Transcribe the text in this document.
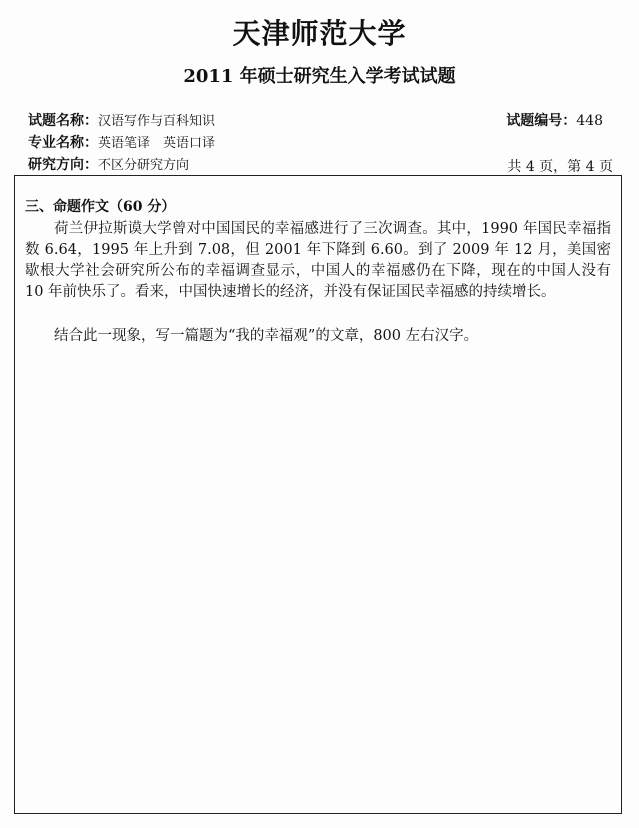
天津师范大学
2011 年硕士研究生入学考试试题
试题名称：汉语写作与百科知识
专业名称：英语笔译　英语口译
研究方向：不区分研究方向
试题编号：448
共 4 页，第 4 页
三、命题作文（60 分）
荷兰伊拉斯谟大学曾对中国国民的幸福感进行了三次调查。其中，1990 年国民幸福指数 6.64，1995 年上升到 7.08，但 2001 年下降到 6.60。到了 2009 年 12 月，美国密歇根大学社会研究所公布的幸福调查显示，中国人的幸福感仍在下降，现在的中国人没有 10 年前快乐了。看来，中国快速增长的经济，并没有保证国民幸福感的持续增长。
结合此一现象，写一篇题为“我的幸福观”的文章，800 左右汉字。
